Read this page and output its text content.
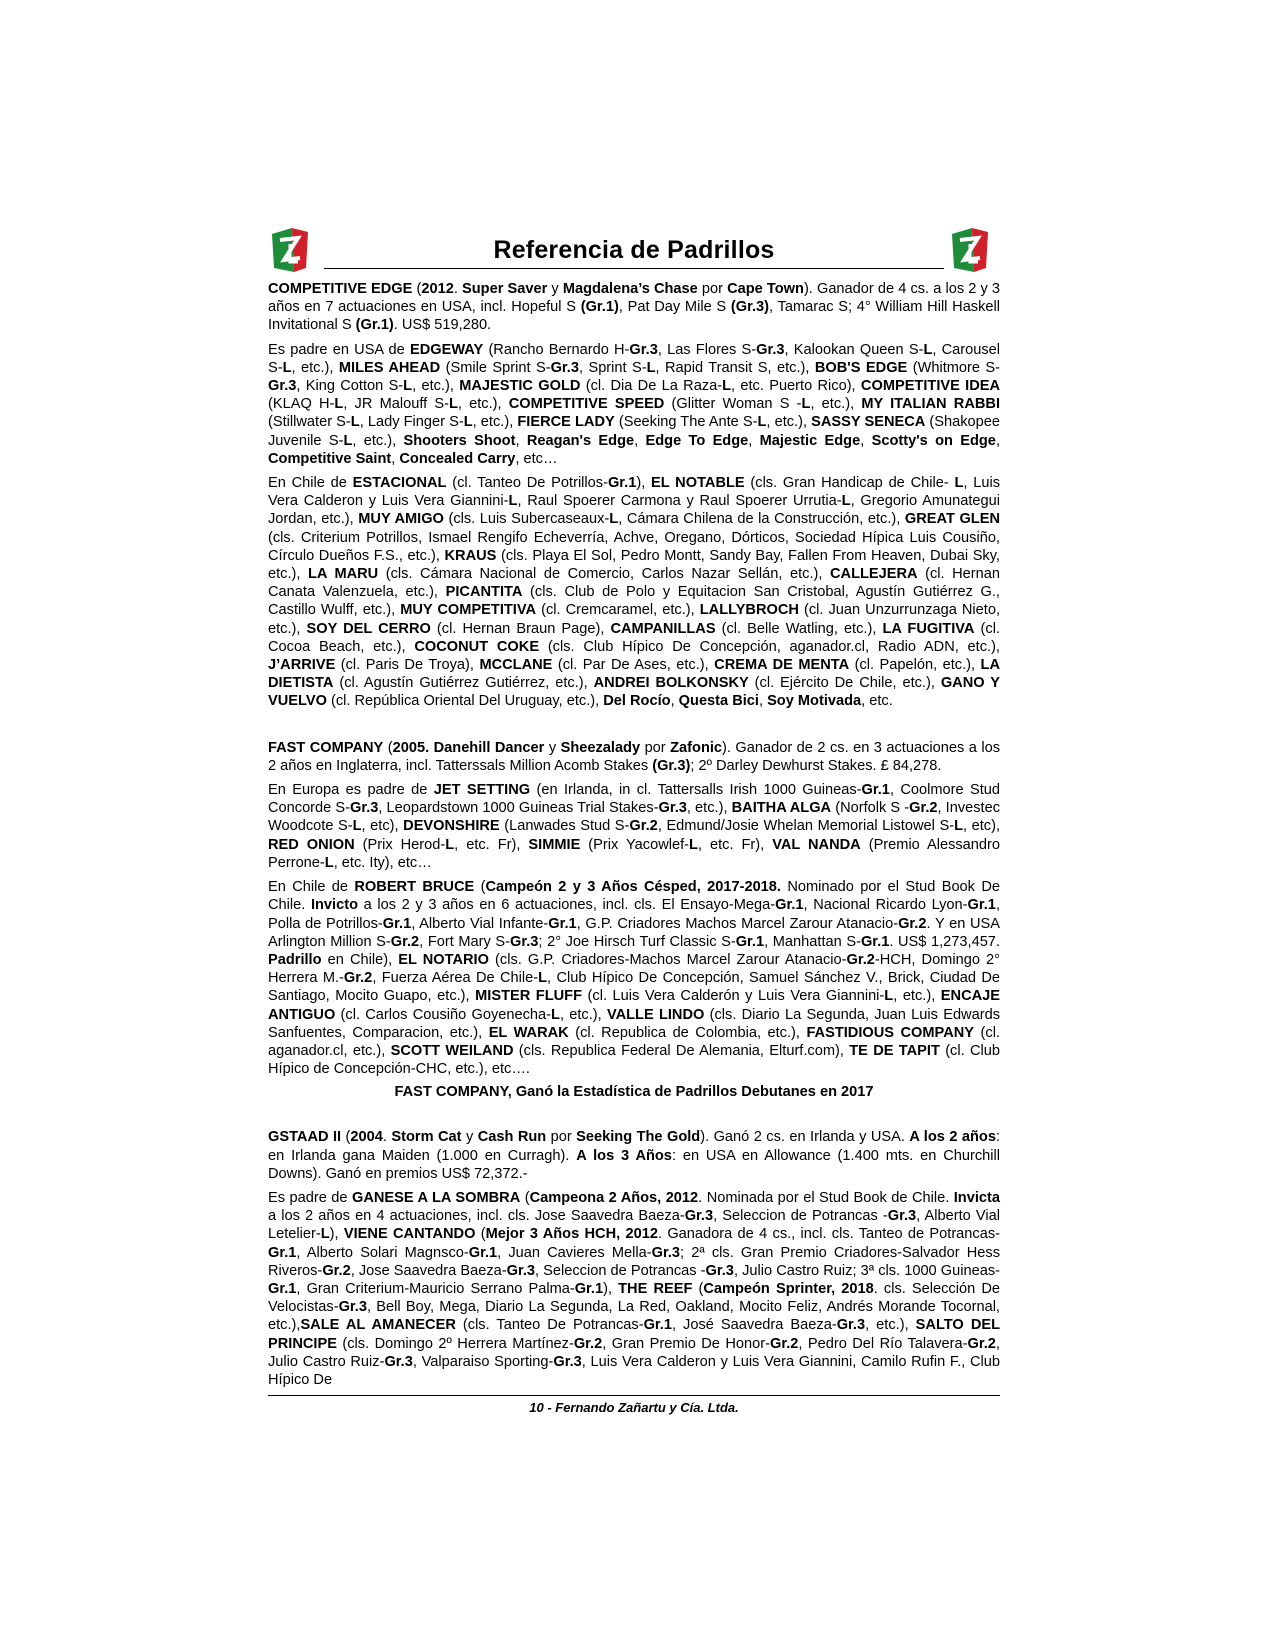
Referencia de Padrillos

COMPETITIVE EDGE (2012. Super Saver y Magdalena’s Chase por Cape Town). Ganador de 4 cs. a los 2 y 3 años en 7 actuaciones en USA, incl. Hopeful S (Gr.1), Pat Day Mile S (Gr.3), Tamarac S; 4° William Hill Haskell Invitational S (Gr.1). US$ 519,280.

Es padre en USA de EDGEWAY (Rancho Bernardo H-Gr.3, Las Flores S-Gr.3, Kalookan Queen S-L, Carousel S-L, etc.), MILES AHEAD (Smile Sprint S-Gr.3, Sprint S-L, Rapid Transit S, etc.), BOB'S EDGE (Whitmore S-Gr.3, King Cotton S-L, etc.), MAJESTIC GOLD (cl. Dia De La Raza-L, etc. Puerto Rico), COMPETITIVE IDEA (KLAQ H-L, JR Malouff S-L, etc.), COMPETITIVE SPEED (Glitter Woman S -L, etc.), MY ITALIAN RABBI (Stillwater S-L, Lady Finger S-L, etc.), FIERCE LADY (Seeking The Ante S-L, etc.), SASSY SENECA (Shakopee Juvenile S-L, etc.), Shooters Shoot, Reagan's Edge, Edge To Edge, Majestic Edge, Scotty's on Edge, Competitive Saint, Concealed Carry, etc…

En Chile de ESTACIONAL (cl. Tanteo De Potrillos-Gr.1), EL NOTABLE (cls. Gran Handicap de Chile- L, Luis Vera Calderon y Luis Vera Giannini-L, Raul Spoerer Carmona y Raul Spoerer Urrutia-L, Gregorio Amunategui Jordan, etc.), MUY AMIGO (cls. Luis Subercaseaux-L, Cámara Chilena de la Construcción, etc.), GREAT GLEN (cls. Criterium Potrillos, Ismael Rengifo Echeverría, Achve, Oregano, Dórticos, Sociedad Hípica Luis Cousiño, Círculo Dueños F.S., etc.), KRAUS (cls. Playa El Sol, Pedro Montt, Sandy Bay, Fallen From Heaven, Dubai Sky, etc.), LA MARU (cls. Cámara Nacional de Comercio, Carlos Nazar Sellán, etc.), CALLEJERA (cl. Hernan Canata Valenzuela, etc.), PICANTITA (cls. Club de Polo y Equitacion San Cristobal, Agustín Gutiérrez G., Castillo Wulff, etc.), MUY COMPETITIVA (cl. Cremcaramel, etc.), LALLYBROCH (cl. Juan Unzurrunzaga Nieto, etc.), SOY DEL CERRO (cl. Hernan Braun Page), CAMPANILLAS (cl. Belle Watling, etc.), LA FUGITIVA (cl. Cocoa Beach, etc.), COCONUT COKE (cls. Club Hípico De Concepción, aganador.cl, Radio ADN, etc.), J’ARRIVE (cl. Paris De Troya), MCCLANE (cl. Par De Ases, etc.), CREMA DE MENTA (cl. Papelón, etc.), LA DIETISTA (cl. Agustín Gutiérrez Gutiérrez, etc.), ANDREI BOLKONSKY (cl. Ejército De Chile, etc.), GANO Y VUELVO (cl. República Oriental Del Uruguay, etc.), Del Rocío, Questa Bici, Soy Motivada, etc.

FAST COMPANY (2005. Danehill Dancer y Sheezalady por Zafonic). Ganador de 2 cs. en 3 actuaciones a los 2 años en Inglaterra, incl. Tatterssals Million Acomb Stakes (Gr.3); 2º Darley Dewhurst Stakes. £ 84,278.

En Europa es padre de JET SETTING (en Irlanda, in cl. Tattersalls Irish 1000 Guineas-Gr.1, Coolmore Stud Concorde S-Gr.3, Leopardstown 1000 Guineas Trial Stakes-Gr.3, etc.), BAITHA ALGA (Norfolk S -Gr.2, Investec Woodcote S-L, etc), DEVONSHIRE (Lanwades Stud S-Gr.2, Edmund/Josie Whelan Memorial Listowel S-L, etc), RED ONION (Prix Herod-L, etc. Fr), SIMMIE (Prix Yacowlef-L, etc. Fr), VAL NANDA (Premio Alessandro Perrone-L, etc. Ity), etc…

En Chile de ROBERT BRUCE (Campeón 2 y 3 Años Césped, 2017-2018. Nominado por el Stud Book De Chile. Invicto a los 2 y 3 años en 6 actuaciones, incl. cls. El Ensayo-Mega-Gr.1, Nacional Ricardo Lyon-Gr.1, Polla de Potrillos-Gr.1, Alberto Vial Infante-Gr.1, G.P. Criadores Machos Marcel Zarour Atanacio-Gr.2. Y en USA Arlington Million S-Gr.2, Fort Mary S-Gr.3; 2° Joe Hirsch Turf Classic S-Gr.1, Manhattan S-Gr.1. US$ 1,273,457. Padrillo en Chile), EL NOTARIO (cls. G.P. Criadores-Machos Marcel Zarour Atanacio-Gr.2-HCH, Domingo 2° Herrera M.-Gr.2, Fuerza Aérea De Chile-L, Club Hípico De Concepción, Samuel Sánchez V., Brick, Ciudad De Santiago, Mocito Guapo, etc.), MISTER FLUFF (cl. Luis Vera Calderón y Luis Vera Giannini-L, etc.), ENCAJE ANTIGUO (cl. Carlos Cousiño Goyenecha-L, etc.), VALLE LINDO (cls. Diario La Segunda, Juan Luis Edwards Sanfuentes, Comparacion, etc.), EL WARAK (cl. Republica de Colombia, etc.), FASTIDIOUS COMPANY (cl. aganador.cl, etc.), SCOTT WEILAND (cls. Republica Federal De Alemania, Elturf.com), TE DE TAPIT (cl. Club Hípico de Concepción-CHC, etc.), etc….

FAST COMPANY, Ganó la Estadística de Padrillos Debutanes en 2017

GSTAAD II (2004. Storm Cat y Cash Run por Seeking The Gold). Ganó 2 cs. en Irlanda y USA. A los 2 años: en Irlanda gana Maiden (1.000 en Curragh). A los 3 Años: en USA en Allowance (1.400 mts. en Churchill Downs). Ganó en premios US$ 72,372.-

Es padre de GANESE A LA SOMBRA (Campeona 2 Años, 2012. Nominada por el Stud Book de Chile. Invicta a los 2 años en 4 actuaciones, incl. cls. Jose Saavedra Baeza-Gr.3, Seleccion de Potrancas -Gr.3, Alberto Vial Letelier-L), VIENE CANTANDO (Mejor 3 Años HCH, 2012. Ganadora de 4 cs., incl. cls. Tanteo de Potrancas-Gr.1, Alberto Solari Magnsco-Gr.1, Juan Cavieres Mella-Gr.3; 2ª cls. Gran Premio Criadores-Salvador Hess Riveros-Gr.2, Jose Saavedra Baeza-Gr.3, Seleccion de Potrancas -Gr.3, Julio Castro Ruiz; 3ª cls. 1000 Guineas-Gr.1, Gran Criterium-Mauricio Serrano Palma-Gr.1), THE REEF (Campeón Sprinter, 2018. cls. Selección De Velocistas-Gr.3, Bell Boy, Mega, Diario La Segunda, La Red, Oakland, Mocito Feliz, Andrés Morande Tocornal, etc.),SALE AL AMANECER (cls. Tanteo De Potrancas-Gr.1, José Saavedra Baeza-Gr.3, etc.), SALTO DEL PRINCIPE (cls. Domingo 2º Herrera Martínez-Gr.2, Gran Premio De Honor-Gr.2, Pedro Del Río Talavera-Gr.2, Julio Castro Ruiz-Gr.3, Valparaiso Sporting-Gr.3, Luis Vera Calderon y Luis Vera Giannini, Camilo Rufin F., Club Hípico De

10 - Fernando Zañartu y Cía. Ltda.
